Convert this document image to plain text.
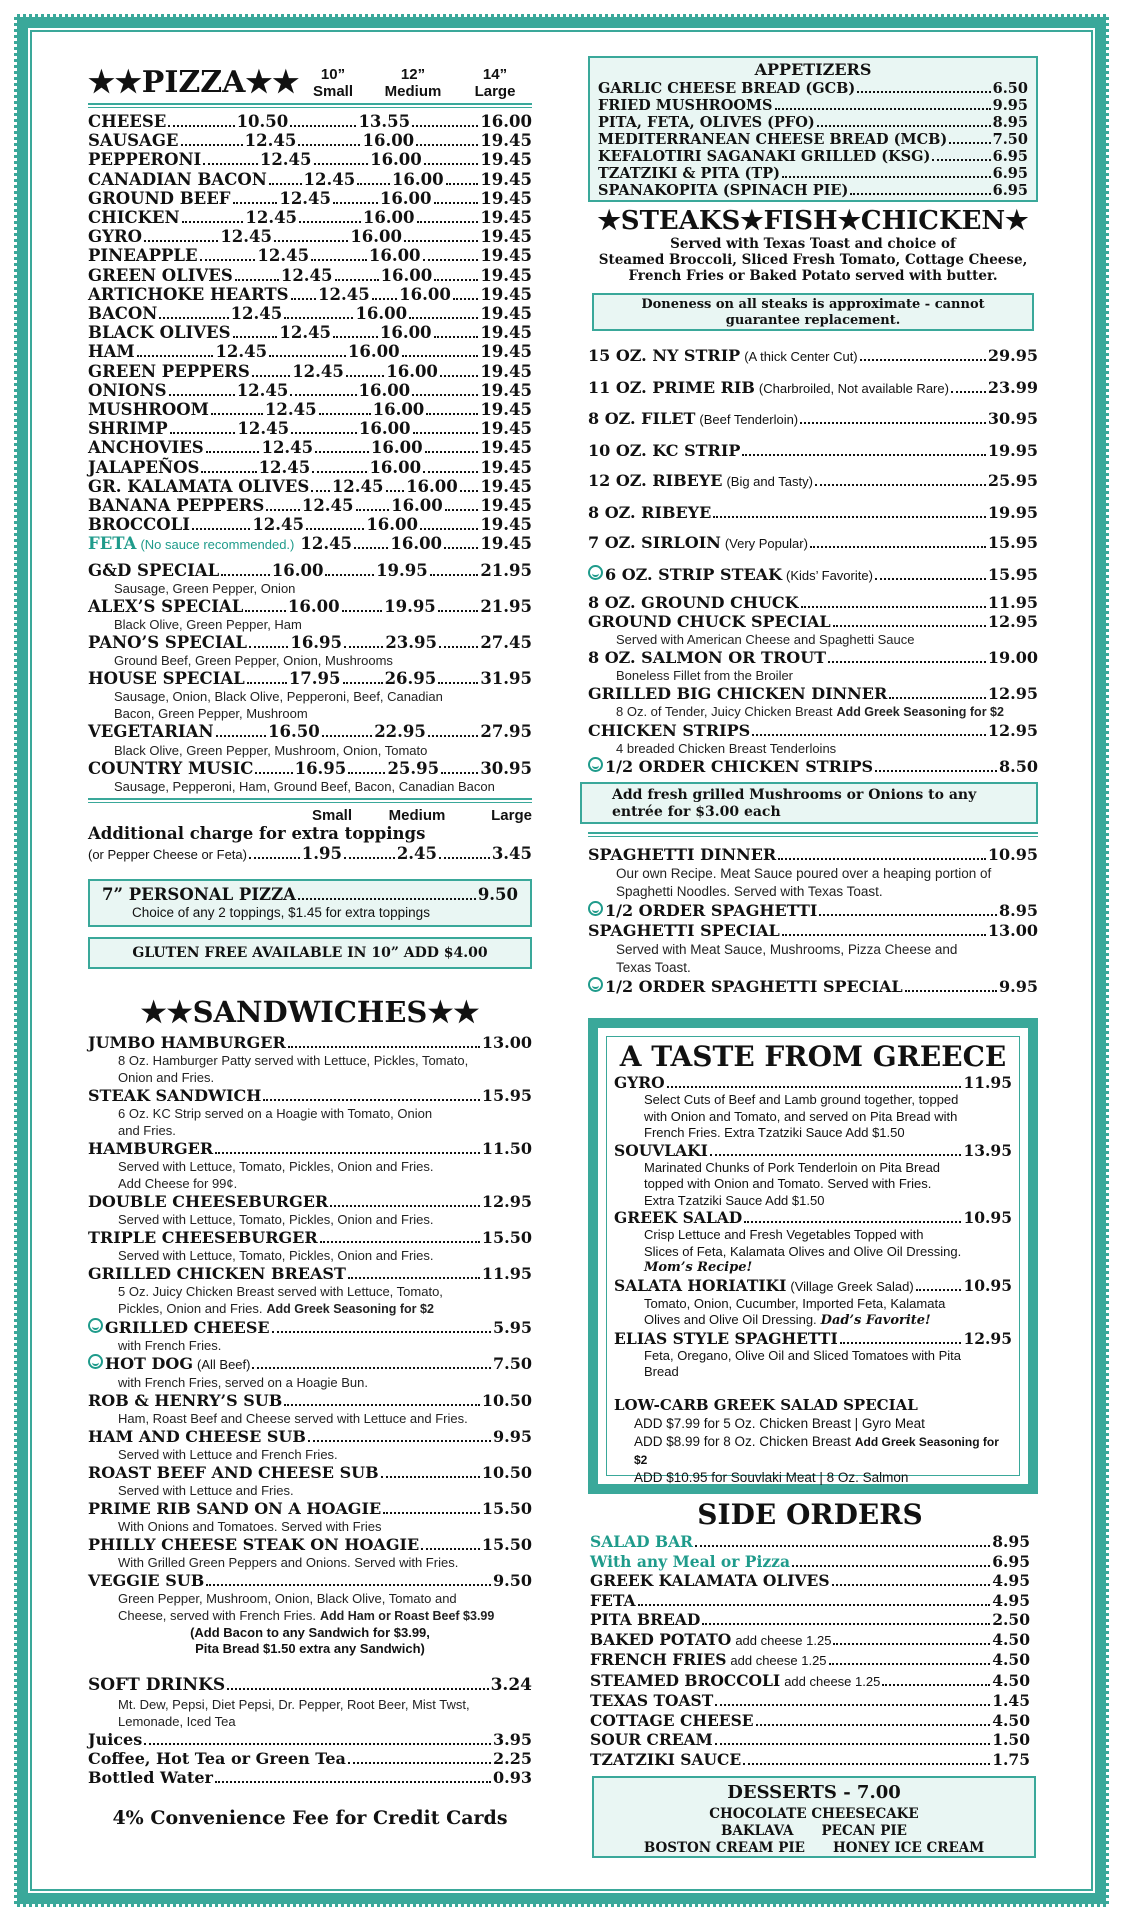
★★PIZZA★★	10”
Small
12”
Medium
14”
Large
CHEESE	10.50	13.55	16.00
SAUSAGE	12.45	16.00	19.45
PEPPERONI	12.45	16.00	19.45
CANADIAN BACON 12.45 16.00 19.45
GROUND BEEF	12.45	16.00	19.45
CHICKEN	12.45	16.00	19.45
GYRO	12.45	16.00	19.45
PINEAPPLE	12.45	16.00	19.45
GREEN OLIVES	12.45	16.00	19.45
ARTICHOKE HEARTS 12.45 16.00 19.45
BACON	12.45	16.00	19.45
BLACK OLIVES	12.45	16.00	19.45
HAM	12.45	16.00	19.45
GREEN PEPPERS	12.45	16.00	19.45
ONIONS	12.45	16.00	19.45
MUSHROOM	12.45	16.00	19.45
SHRIMP	12.45	16.00	19.45
ANCHOVIES	12.45	16.00	19.45
JALAPEÑOS	12.45	16.00	19.45
GR. KALAMATA OLIVES 12.45 16.00 19.45
BANANA PEPPERS 12.45 16.00 19.45
BROCCOLI	12.45	16.00	19.45
FETA (No sauce recommended.) 12.45 16.00 19.45
G&D SPECIAL	16.00	19.95	21.95
Sausage, Green Pepper, Onion
ALEX’S SPECIAL	16.00	19.95	21.95
Black Olive, Green Pepper, Ham
PANO’S SPECIAL	16.95	23.95	27.45
Ground Beef, Green Pepper, Onion, Mushrooms
HOUSE SPECIAL	17.95	26.95	31.95
Sausage, Onion, Black Olive, Pepperoni, Beef, Canadian
Bacon, Green Pepper, Mushroom
VEGETARIAN	16.50	22.95	27.95
Black Olive, Green Pepper, Mushroom, Onion, Tomato
COUNTRY MUSIC 16.95 25.95 30.95
Sausage, Pepperoni, Ham, Ground Beef, Bacon, Canadian Bacon
Small	Medium	Large
Additional charge for extra toppings
(or Pepper Cheese or Feta)	1.95	2.45	3.45
7” PERSONAL PIZZA	9.50
Choice of any 2 toppings, $1.45 for extra toppings
GLUTEN FREE AVAILABLE IN 10” ADD $4.00
★★SANDWICHES★★
JUMBO HAMBURGER	13.00
8 Oz. Hamburger Patty served with Lettuce, Pickles, Tomato,
Onion and Fries.
STEAK SANDWICH	15.95
6 Oz. KC Strip served on a Hoagie with Tomato, Onion
and Fries.
HAMBURGER	11.50
Served with Lettuce, Tomato, Pickles, Onion and Fries.
Add Cheese for 99¢.
DOUBLE CHEESEBURGER	12.95
Served with Lettuce, Tomato, Pickles, Onion and Fries.
TRIPLE CHEESEBURGER	15.50
Served with Lettuce, Tomato, Pickles, Onion and Fries.
GRILLED CHICKEN BREAST	11.95
5 Oz. Juicy Chicken Breast served with Lettuce, Tomato,
Pickles, Onion and Fries. Add Greek Seasoning for $2
GRILLED CHEESE	5.95
with French Fries.
HOT DOG (All Beef)	7.50
with French Fries, served on a Hoagie Bun.
ROB & HENRY’S SUB	10.50
Ham, Roast Beef and Cheese served with Lettuce and Fries.
HAM AND CHEESE SUB	9.95
Served with Lettuce and French Fries.
ROAST BEEF AND CHEESE SUB	10.50
Served with Lettuce and Fries.
PRIME RIB SAND ON A HOAGIE	15.50
With Onions and Tomatoes. Served with Fries
PHILLY CHEESE STEAK ON HOAGIE	15.50
With Grilled Green Peppers and Onions. Served with Fries.
VEGGIE SUB	9.50
Green Pepper, Mushroom, Onion, Black Olive, Tomato and
Cheese, served with French Fries. Add Ham or Roast Beef $3.99
(Add Bacon to any Sandwich for $3.99,
Pita Bread $1.50 extra any Sandwich)
SOFT DRINKS	3.24
Mt. Dew, Pepsi, Diet Pepsi, Dr. Pepper, Root Beer, Mist Twst,
Lemonade, Iced Tea
Juices	3.95
Coffee, Hot Tea or Green Tea	2.25
Bottled Water	0.93
4% Convenience Fee for Credit Cards
APPETIZERS
GARLIC CHEESE BREAD (GCB)	6.50
FRIED MUSHROOMS	9.95
PITA, FETA, OLIVES (PFO)	8.95
MEDITERRANEAN CHEESE BREAD (MCB)	7.50
KEFALOTIRI SAGANAKI GRILLED (KSG)	6.95
TZATZIKI & PITA (TP)	6.95
SPANAKOPITA (SPINACH PIE)	6.95
★STEAKS★FISH★CHICKEN★
Served with Texas Toast and choice of
Steamed Broccoli, Sliced Fresh Tomato, Cottage Cheese,
French Fries or Baked Potato served with butter.
Doneness on all steaks is approximate - cannot
guarantee replacement.
15 OZ. NY STRIP (A thick Center Cut)	29.95
11 OZ. PRIME RIB (Charbroiled, Not available Rare) 23.99
8 OZ. FILET (Beef Tenderloin)	30.95
10 OZ. KC STRIP	19.95
12 OZ. RIBEYE (Big and Tasty)	25.95
8 OZ. RIBEYE	19.95
7 OZ. SIRLOIN (Very Popular)	15.95
6 OZ. STRIP STEAK (Kids’ Favorite)	15.95
8 OZ. GROUND CHUCK	11.95
GROUND CHUCK SPECIAL	12.95
Served with American Cheese and Spaghetti Sauce
8 OZ. SALMON OR TROUT	19.00
Boneless Fillet from the Broiler
GRILLED BIG CHICKEN DINNER	12.95
8 Oz. of Tender, Juicy Chicken Breast Add Greek Seasoning for $2
CHICKEN STRIPS	12.95
4 breaded Chicken Breast Tenderloins
1/2 ORDER CHICKEN STRIPS	8.50
Add fresh grilled Mushrooms or Onions to any
entrée for $3.00 each
SPAGHETTI DINNER	10.95
Our own Recipe. Meat Sauce poured over a heaping portion of
Spaghetti Noodles. Served with Texas Toast.
1/2 ORDER SPAGHETTI	8.95
SPAGHETTI SPECIAL	13.00
Served with Meat Sauce, Mushrooms, Pizza Cheese and
Texas Toast.
1/2 ORDER SPAGHETTI SPECIAL	9.95
A TASTE FROM GREECE
GYRO	11.95
Select Cuts of Beef and Lamb ground together, topped
with Onion and Tomato, and served on Pita Bread with
French Fries. Extra Tzatziki Sauce Add $1.50
SOUVLAKI	13.95
Marinated Chunks of Pork Tenderloin on Pita Bread
topped with Onion and Tomato. Served with Fries.
Extra Tzatziki Sauce Add $1.50
GREEK SALAD	10.95
Crisp Lettuce and Fresh Vegetables Topped with
Slices of Feta, Kalamata Olives and Olive Oil Dressing.
Mom’s Recipe!
SALATA HORIATIKI (Village Greek Salad)	10.95
Tomato, Onion, Cucumber, Imported Feta, Kalamata
Olives and Olive Oil Dressing. Dad’s Favorite!
ELIAS STYLE SPAGHETTI	12.95
Feta, Oregano, Olive Oil and Sliced Tomatoes with Pita
Bread
LOW-CARB GREEK SALAD SPECIAL
ADD $7.99 for 5 Oz. Chicken Breast | Gyro Meat
ADD $8.99 for 8 Oz. Chicken Breast Add Greek Seasoning for $2
ADD $10.95 for Souvlaki Meat | 8 Oz. Salmon
SIDE ORDERS
SALAD BAR	8.95
With any Meal or Pizza	6.95
GREEK KALAMATA OLIVES	4.95
FETA	4.95
PITA BREAD	2.50
BAKED POTATO add cheese 1.25	4.50
FRENCH FRIES add cheese 1.25	4.50
STEAMED BROCCOLI add cheese 1.25	4.50
TEXAS TOAST	1.45
COTTAGE CHEESE	4.50
SOUR CREAM	1.50
TZATZIKI SAUCE	1.75
DESSERTS - 7.00
CHOCOLATE CHEESECAKE
BAKLAVA PECAN PIE
BOSTON CREAM PIE HONEY ICE CREAM
